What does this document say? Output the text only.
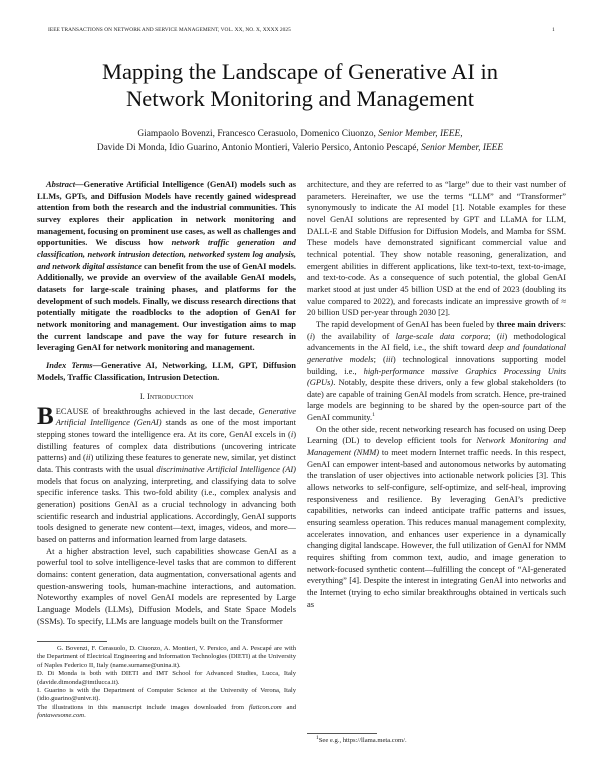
IEEE TRANSACTIONS ON NETWORK AND SERVICE MANAGEMENT, VOL. XX, NO. X, XXXX 2025	1
Mapping the Landscape of Generative AI in
Network Monitoring and Management
Giampaolo Bovenzi, Francesco Cerasuolo, Domenico Ciuonzo, Senior Member, IEEE,
Davide Di Monda, Idio Guarino, Antonio Montieri, Valerio Persico, Antonio Pescapé, Senior Member, IEEE

Abstract—Generative Artificial Intelligence (GenAI) models such as LLMs, GPTs, and Diffusion Models have recently gained widespread attention from both the research and the industrial communities. This survey explores their application in network monitoring and management, focusing on prominent use cases, as well as challenges and opportunities. We discuss how network traffic generation and classification, network intrusion detection, networked system log analysis, and network digital assistance can benefit from the use of GenAI models. Additionally, we provide an overview of the available GenAI models, datasets for large-scale training phases, and platforms for the development of such models. Finally, we discuss research directions that potentially mitigate the roadblocks to the adoption of GenAI for network monitoring and management. Our investigation aims to map the current landscape and pave the way for future research in leveraging GenAI for network monitoring and management.

Index Terms—Generative AI, Networking, LLM, GPT, Diffusion Models, Traffic Classification, Intrusion Detection.

I. Introduction

BECAUSE of breakthroughs achieved in the last decade, Generative Artificial Intelligence (GenAI) stands as one of the most important stepping stones toward the intelligence era. At its core, GenAI excels in (i) distilling features of complex data distributions (uncovering intricate patterns) and (ii) utilizing these features to generate new, similar, yet distinct data. This contrasts with the usual discriminative Artificial Intelligence (AI) models that focus on analyzing, interpreting, and classifying data to solve specific inference tasks. This two-fold ability (i.e., complex analysis and generation) positions GenAI as a crucial technology in advancing both scientific research and industrial applications. Accordingly, GenAI supports tools designed to generate new content—text, images, videos, and more—based on patterns and information learned from large datasets.

At a higher abstraction level, such capabilities showcase GenAI as a powerful tool to solve intelligence-level tasks that are common to different domains: content generation, data augmentation, conversational agents and question-answering tools, human-machine interactions, and automation. Noteworthy examples of novel GenAI models are represented by Large Language Models (LLMs), Diffusion Models, and State Space Models (SSMs). To specify, LLMs are language models built on the Transformer

G. Bovenzi, F. Cerasuolo, D. Ciuonzo, A. Montieri, V. Persico, and A. Pescapé are with the Department of Electrical Engineering and Information Technologies (DIETI) at the University of Naples Federico II, Italy (name.surname@unina.it).

D. Di Monda is both with DIETI and IMT School for Advanced Studies, Lucca, Italy (davide.dimonda@imtlucca.it).

I. Guarino is with the Department of Computer Science at the University of Verona, Italy (idio.guarino@univr.it).

The illustrations in this manuscript include images downloaded from flaticon.com and fontawesome.com.

architecture, and they are referred to as “large” due to their vast number of parameters. Hereinafter, we use the terms “LLM” and “Transformer” synonymously to indicate the AI model [1]. Notable examples for these novel GenAI solutions are represented by GPT and LLaMA for LLM, DALL-E and Stable Diffusion for Diffusion Models, and Mamba for SSM. These models have demonstrated significant commercial value and technical potential. They show notable reasoning, generalization, and emergent abilities in different applications, like text-to-text, text-to-image, and text-to-code. As a consequence of such potential, the global GenAI market stood at just under 45 billion USD at the end of 2023 (doubling its value compared to 2022), and forecasts indicate an impressive growth of ≈ 20 billion USD per-year through 2030 [2].

The rapid development of GenAI has been fueled by three main drivers: (i) the availability of large-scale data corpora; (ii) methodological advancements in the AI field, i.e., the shift toward deep and foundational generative models; (iii) technological innovations supporting model building, i.e., high-performance massive Graphics Processing Units (GPUs). Notably, despite these drivers, only a few global stakeholders (to date) are capable of training GenAI models from scratch. Hence, pre-trained large models are beginning to be shared by the open-source part of the GenAI community.$^1$

On the other side, recent networking research has focused on using Deep Learning (DL) to develop efficient tools for Network Monitoring and Management (NMM) to meet modern Internet traffic needs. In this respect, GenAI can empower intent-based and autonomous networks by automating the translation of user objectives into actionable network policies [3]. This allows networks to self-configure, self-optimize, and self-heal, improving responsiveness and resilience. By leveraging GenAI’s predictive capabilities, networks can indeed anticipate traffic patterns and issues, ensuring seamless operation. This reduces manual management complexity, accelerates innovation, and enhances user experience in a dynamically changing digital landscape. However, the full utilization of GenAI for NMM requires shifting from common text, audio, and image generation to network-focused synthetic content—fulfilling the concept of “AI-generated everything” [4]. Despite the interest in integrating GenAI into networks and the Internet (trying to echo similar breakthroughs obtained in verticals such as

$^1$See e.g., https://llama.meta.com/.
